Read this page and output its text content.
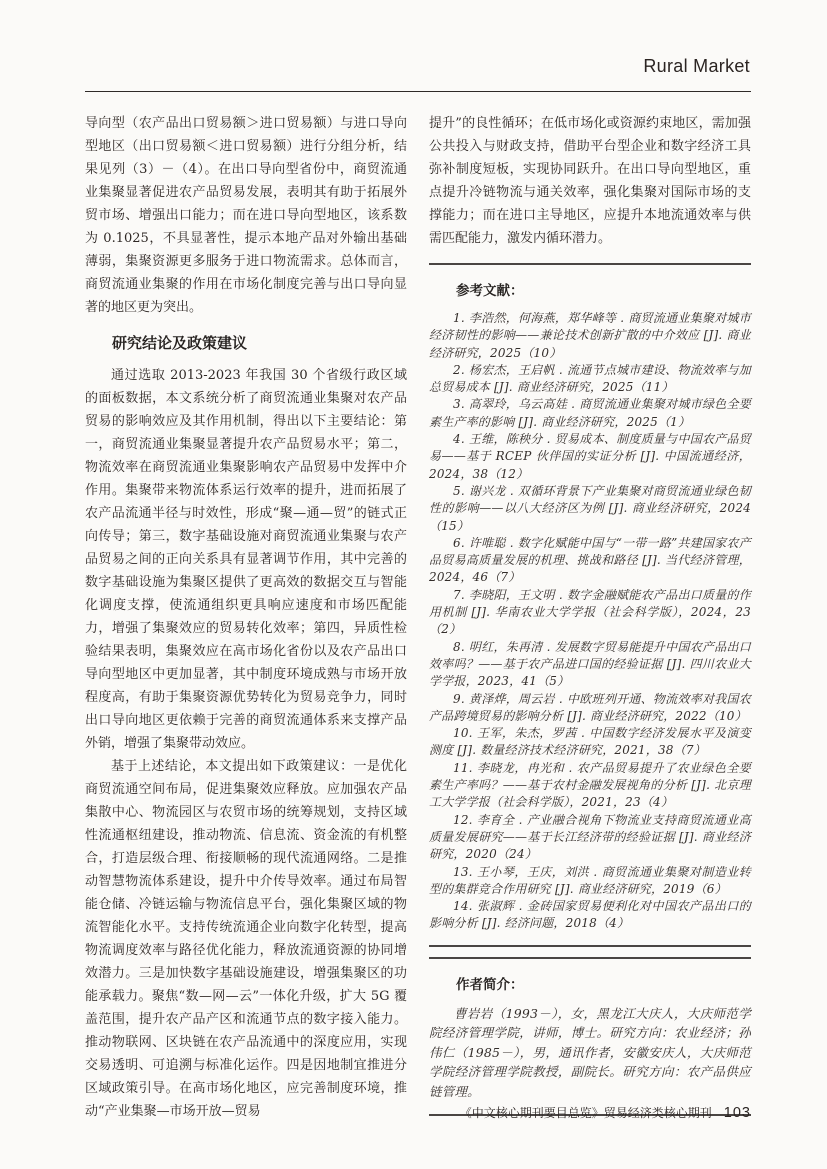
Rural Market

导向型（农产品出口贸易额＞进口贸易额）与进口导向型地区（出口贸易额＜进口贸易额）进行分组分析，结果见列（3）－（4）。在出口导向型省份中，商贸流通业集聚显著促进农产品贸易发展，表明其有助于拓展外贸市场、增强出口能力；而在进口导向型地区，该系数为 0.1025，不具显著性，提示本地产品对外输出基础薄弱，集聚资源更多服务于进口物流需求。总体而言，商贸流通业集聚的作用在市场化制度完善与出口导向显著的地区更为突出。

研究结论及政策建议

通过选取 2013-2023 年我国 30 个省级行政区域的面板数据，本文系统分析了商贸流通业集聚对农产品贸易的影响效应及其作用机制，得出以下主要结论：第一，商贸流通业集聚显著提升农产品贸易水平；第二，物流效率在商贸流通业集聚影响农产品贸易中发挥中介作用。集聚带来物流体系运行效率的提升，进而拓展了农产品流通半径与时效性，形成“聚—通—贸”的链式正向传导；第三，数字基础设施对商贸流通业集聚与农产品贸易之间的正向关系具有显著调节作用，其中完善的数字基础设施为集聚区提供了更高效的数据交互与智能化调度支撑，使流通组织更具响应速度和市场匹配能力，增强了集聚效应的贸易转化效率；第四，异质性检验结果表明，集聚效应在高市场化省份以及农产品出口导向型地区中更加显著，其中制度环境成熟与市场开放程度高，有助于集聚资源优势转化为贸易竞争力，同时出口导向地区更依赖于完善的商贸流通体系来支撑产品外销，增强了集聚带动效应。

基于上述结论，本文提出如下政策建议：一是优化商贸流通空间布局，促进集聚效应释放。应加强农产品集散中心、物流园区与农贸市场的统筹规划，支持区域性流通枢纽建设，推动物流、信息流、资金流的有机整合，打造层级合理、衔接顺畅的现代流通网络。二是推动智慧物流体系建设，提升中介传导效率。通过布局智能仓储、冷链运输与物流信息平台，强化集聚区域的物流智能化水平。支持传统流通企业向数字化转型，提高物流调度效率与路径优化能力，释放流通资源的协同增效潜力。三是加快数字基础设施建设，增强集聚区的功能承载力。聚焦“数—网—云”一体化升级，扩大 5G 覆盖范围，提升农产品产区和流通节点的数字接入能力。推动物联网、区块链在农产品流通中的深度应用，实现交易透明、可追溯与标准化运作。四是因地制宜推进分区域政策引导。在高市场化地区，应完善制度环境，推动“产业集聚—市场开放—贸易

提升”的良性循环；在低市场化或资源约束地区，需加强公共投入与财政支持，借助平台型企业和数字经济工具弥补制度短板，实现协同跃升。在出口导向型地区，重点提升冷链物流与通关效率，强化集聚对国际市场的支撑能力；而在进口主导地区，应提升本地流通效率与供需匹配能力，激发内循环潜力。

参考文献：

1. 李浩然，何海燕，郑华峰等 . 商贸流通业集聚对城市经济韧性的影响——兼论技术创新扩散的中介效应 [J]. 商业经济研究，2025（10）

2. 杨宏杰，王启帆 . 流通节点城市建设、物流效率与加总贸易成本 [J]. 商业经济研究，2025（11）

3. 高翠玲，乌云高娃 . 商贸流通业集聚对城市绿色全要素生产率的影响 [J]. 商业经济研究，2025（1）

4. 王维，陈秧分 . 贸易成本、制度质量与中国农产品贸易——基于 RCEP 伙伴国的实证分析 [J]. 中国流通经济，2024，38（12）

5. 谢兴龙 . 双循环背景下产业集聚对商贸流通业绿色韧性的影响——以八大经济区为例 [J]. 商业经济研究，2024（15）

6. 许唯聪 . 数字化赋能中国与“一带一路”共建国家农产品贸易高质量发展的机理、挑战和路径 [J]. 当代经济管理，2024，46（7）

7. 李晓阳，王文明 . 数字金融赋能农产品出口质量的作用机制 [J]. 华南农业大学学报（社会科学版），2024，23（2）

8. 明红，朱再清 . 发展数字贸易能提升中国农产品出口效率吗？——基于农产品进口国的经验证据 [J]. 四川农业大学学报，2023，41（5）

9. 黄泽烨，周云岩 . 中欧班列开通、物流效率对我国农产品跨境贸易的影响分析 [J]. 商业经济研究，2022（10）

10. 王军，朱杰，罗茜 . 中国数字经济发展水平及演变测度 [J]. 数量经济技术经济研究，2021，38（7）

11. 李晓龙，冉光和 . 农产品贸易提升了农业绿色全要素生产率吗？——基于农村金融发展视角的分析 [J]. 北京理工大学学报（社会科学版），2021，23（4）

12. 李育全 . 产业融合视角下物流业支持商贸流通业高质量发展研究——基于长江经济带的经验证据 [J]. 商业经济研究，2020（24）

13. 王小琴，王庆，刘洪 . 商贸流通业集聚对制造业转型的集群竞合作用研究 [J]. 商业经济研究，2019（6）

14. 张淑辉 . 金砖国家贸易便利化对中国农产品出口的影响分析 [J]. 经济问题，2018（4）

作者简介：

曹岩岩（1993－），女，黑龙江大庆人，大庆师范学院经济管理学院，讲师，博士。研究方向：农业经济；孙伟仁（1985－），男，通讯作者，安徽安庆人，大庆师范学院经济管理学院教授，副院长。研究方向：农产品供应链管理。

《中文核心期刊要目总览》贸易经济类核心期刊 103
